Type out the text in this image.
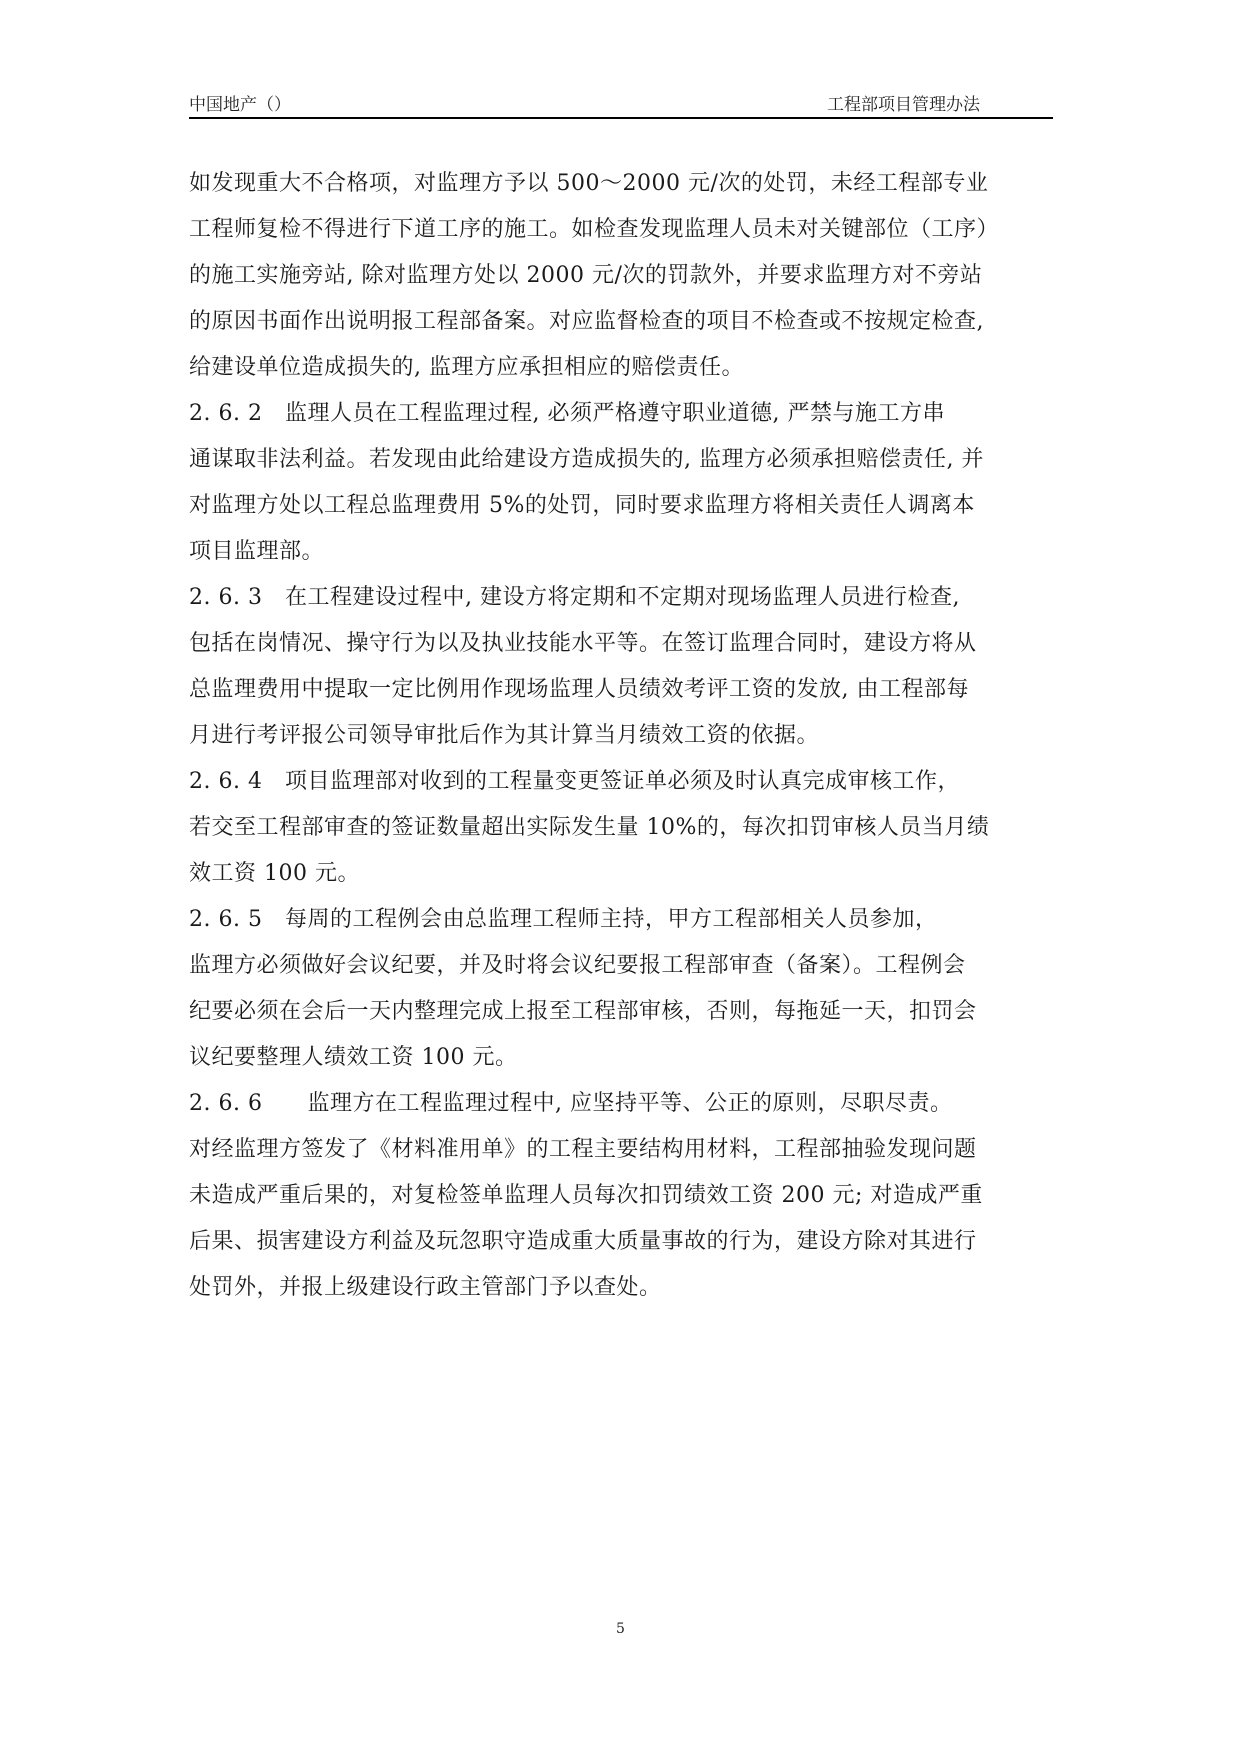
中国地产（）	工程部项目管理办法
如发现重大不合格项，对监理方予以 500～2000 元/次的处罚，未经工程部专业
工程师复检不得进行下道工序的施工。如检查发现监理人员未对关键部位（工序）
的施工实施旁站, 除对监理方处以 2000 元/次的罚款外，并要求监理方对不旁站
的原因书面作出说明报工程部备案。对应监督检查的项目不检查或不按规定检查,
给建设单位造成损失的, 监理方应承担相应的赔偿责任。
2. 6. 2　监理人员在工程监理过程, 必须严格遵守职业道德, 严禁与施工方串
通谋取非法利益。若发现由此给建设方造成损失的, 监理方必须承担赔偿责任, 并
对监理方处以工程总监理费用 5%的处罚，同时要求监理方将相关责任人调离本
项目监理部。
2. 6. 3　在工程建设过程中, 建设方将定期和不定期对现场监理人员进行检查,
包括在岗情况、操守行为以及执业技能水平等。在签订监理合同时，建设方将从
总监理费用中提取一定比例用作现场监理人员绩效考评工资的发放, 由工程部每
月进行考评报公司领导审批后作为其计算当月绩效工资的依据。
2. 6. 4　项目监理部对收到的工程量变更签证单必须及时认真完成审核工作，
若交至工程部审查的签证数量超出实际发生量 10%的，每次扣罚审核人员当月绩
效工资 100 元。
2. 6. 5　每周的工程例会由总监理工程师主持，甲方工程部相关人员参加，
监理方必须做好会议纪要，并及时将会议纪要报工程部审查（备案）。工程例会
纪要必须在会后一天内整理完成上报至工程部审核，否则，每拖延一天，扣罚会
议纪要整理人绩效工资 100 元。
2. 6. 6　　监理方在工程监理过程中, 应坚持平等、公正的原则，尽职尽责。
对经监理方签发了《材料准用单》的工程主要结构用材料，工程部抽验发现问题
未造成严重后果的，对复检签单监理人员每次扣罚绩效工资 200 元; 对造成严重
后果、损害建设方利益及玩忽职守造成重大质量事故的行为，建设方除对其进行
处罚外，并报上级建设行政主管部门予以查处。
5
